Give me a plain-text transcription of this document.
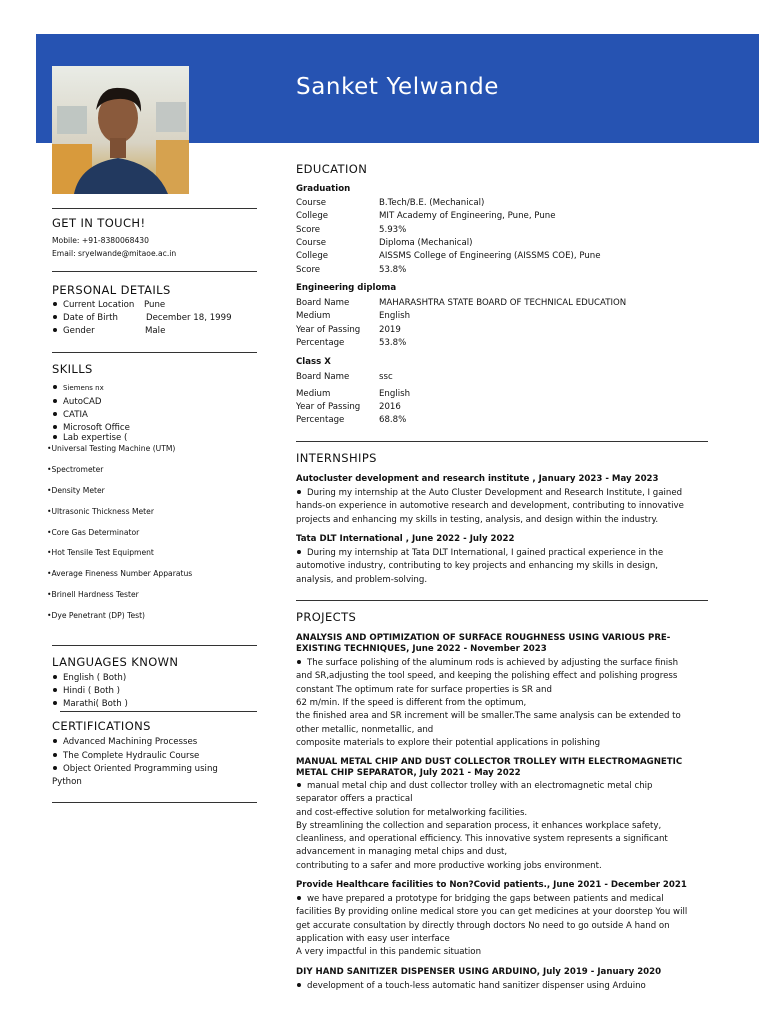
Sanket Yelwande
GET IN TOUCH!
Mobile: +91-8380068430
Email: sryelwande@mitaoe.ac.in
PERSONAL DETAILS
Current Location Pune
Date of Birth	December 18, 1999
Gender	Male
SKILLS
Siemens nx
AutoCAD
CATIA
Microsoft Office
Lab expertise (
•Universal Testing Machine (UTM)
•Spectrometer
•Density Meter
•Ultrasonic Thickness Meter
•Core Gas Determinator
•Hot Tensile Test Equipment
•Average Fineness Number Apparatus
•Brinell Hardness Tester
•Dye Penetrant (DP) Test)
LANGUAGES KNOWN
English ( Both)
Hindi ( Both )
Marathi( Both )
CERTIFICATIONS
Advanced Machining Processes
The Complete Hydraulic Course
Object Oriented Programming using
Python
EDUCATION
Graduation
Course	B.Tech/B.E. (Mechanical)
College	MIT Academy of Engineering, Pune, Pune
Score	5.93%
Course	Diploma (Mechanical)
College	AISSMS College of Engineering (AISSMS COE), Pune
Score	53.8%
Engineering diploma
Board Name	MAHARASHTRA STATE BOARD OF TECHNICAL EDUCATION
Medium	English
Year of Passing 2019
Percentage	53.8%
Class X
Board Name	ssc
Medium	English
Year of Passing 2016
Percentage	68.8%
INTERNSHIPS
Autocluster development and research institute , January 2023 - May 2023
During my internship at the Auto Cluster Development and Research Institute, I gained
hands-on experience in automotive research and development, contributing to innovative
projects and enhancing my skills in testing, analysis, and design within the industry.
Tata DLT International , June 2022 - July 2022
During my internship at Tata DLT International, I gained practical experience in the
automotive industry, contributing to key projects and enhancing my skills in design,
analysis, and problem-solving.
PROJECTS
ANALYSIS AND OPTIMIZATION OF SURFACE ROUGHNESS USING VARIOUS PRE-
EXISTING TECHNIQUES, June 2022 - November 2023
The surface polishing of the aluminum rods is achieved by adjusting the surface finish
and SR,adjusting the tool speed, and keeping the polishing effect and polishing progress
constant The optimum rate for surface properties is SR and
62 m/min. If the speed is different from the optimum,
the finished area and SR increment will be smaller.The same analysis can be extended to
other metallic, nonmetallic, and
composite materials to explore their potential applications in polishing
MANUAL METAL CHIP AND DUST COLLECTOR TROLLEY WITH ELECTROMAGNETIC
METAL CHIP SEPARATOR, July 2021 - May 2022
manual metal chip and dust collector trolley with an electromagnetic metal chip
separator offers a practical
and cost-effective solution for metalworking facilities.
By streamlining the collection and separation process, it enhances workplace safety,
cleanliness, and operational efficiency. This innovative system represents a significant
advancement in managing metal chips and dust,
contributing to a safer and more productive working jobs environment.
Provide Healthcare facilities to Non?Covid patients., June 2021 - December 2021
we have prepared a prototype for bridging the gaps between patients and medical
facilities By providing online medical store you can get medicines at your doorstep You will
get accurate consultation by directly through doctors No need to go outside A hand on
application with easy user interface
A very impactful in this pandemic situation
DIY HAND SANITIZER DISPENSER USING ARDUINO, July 2019 - January 2020
development of a touch-less automatic hand sanitizer dispenser using Arduino
